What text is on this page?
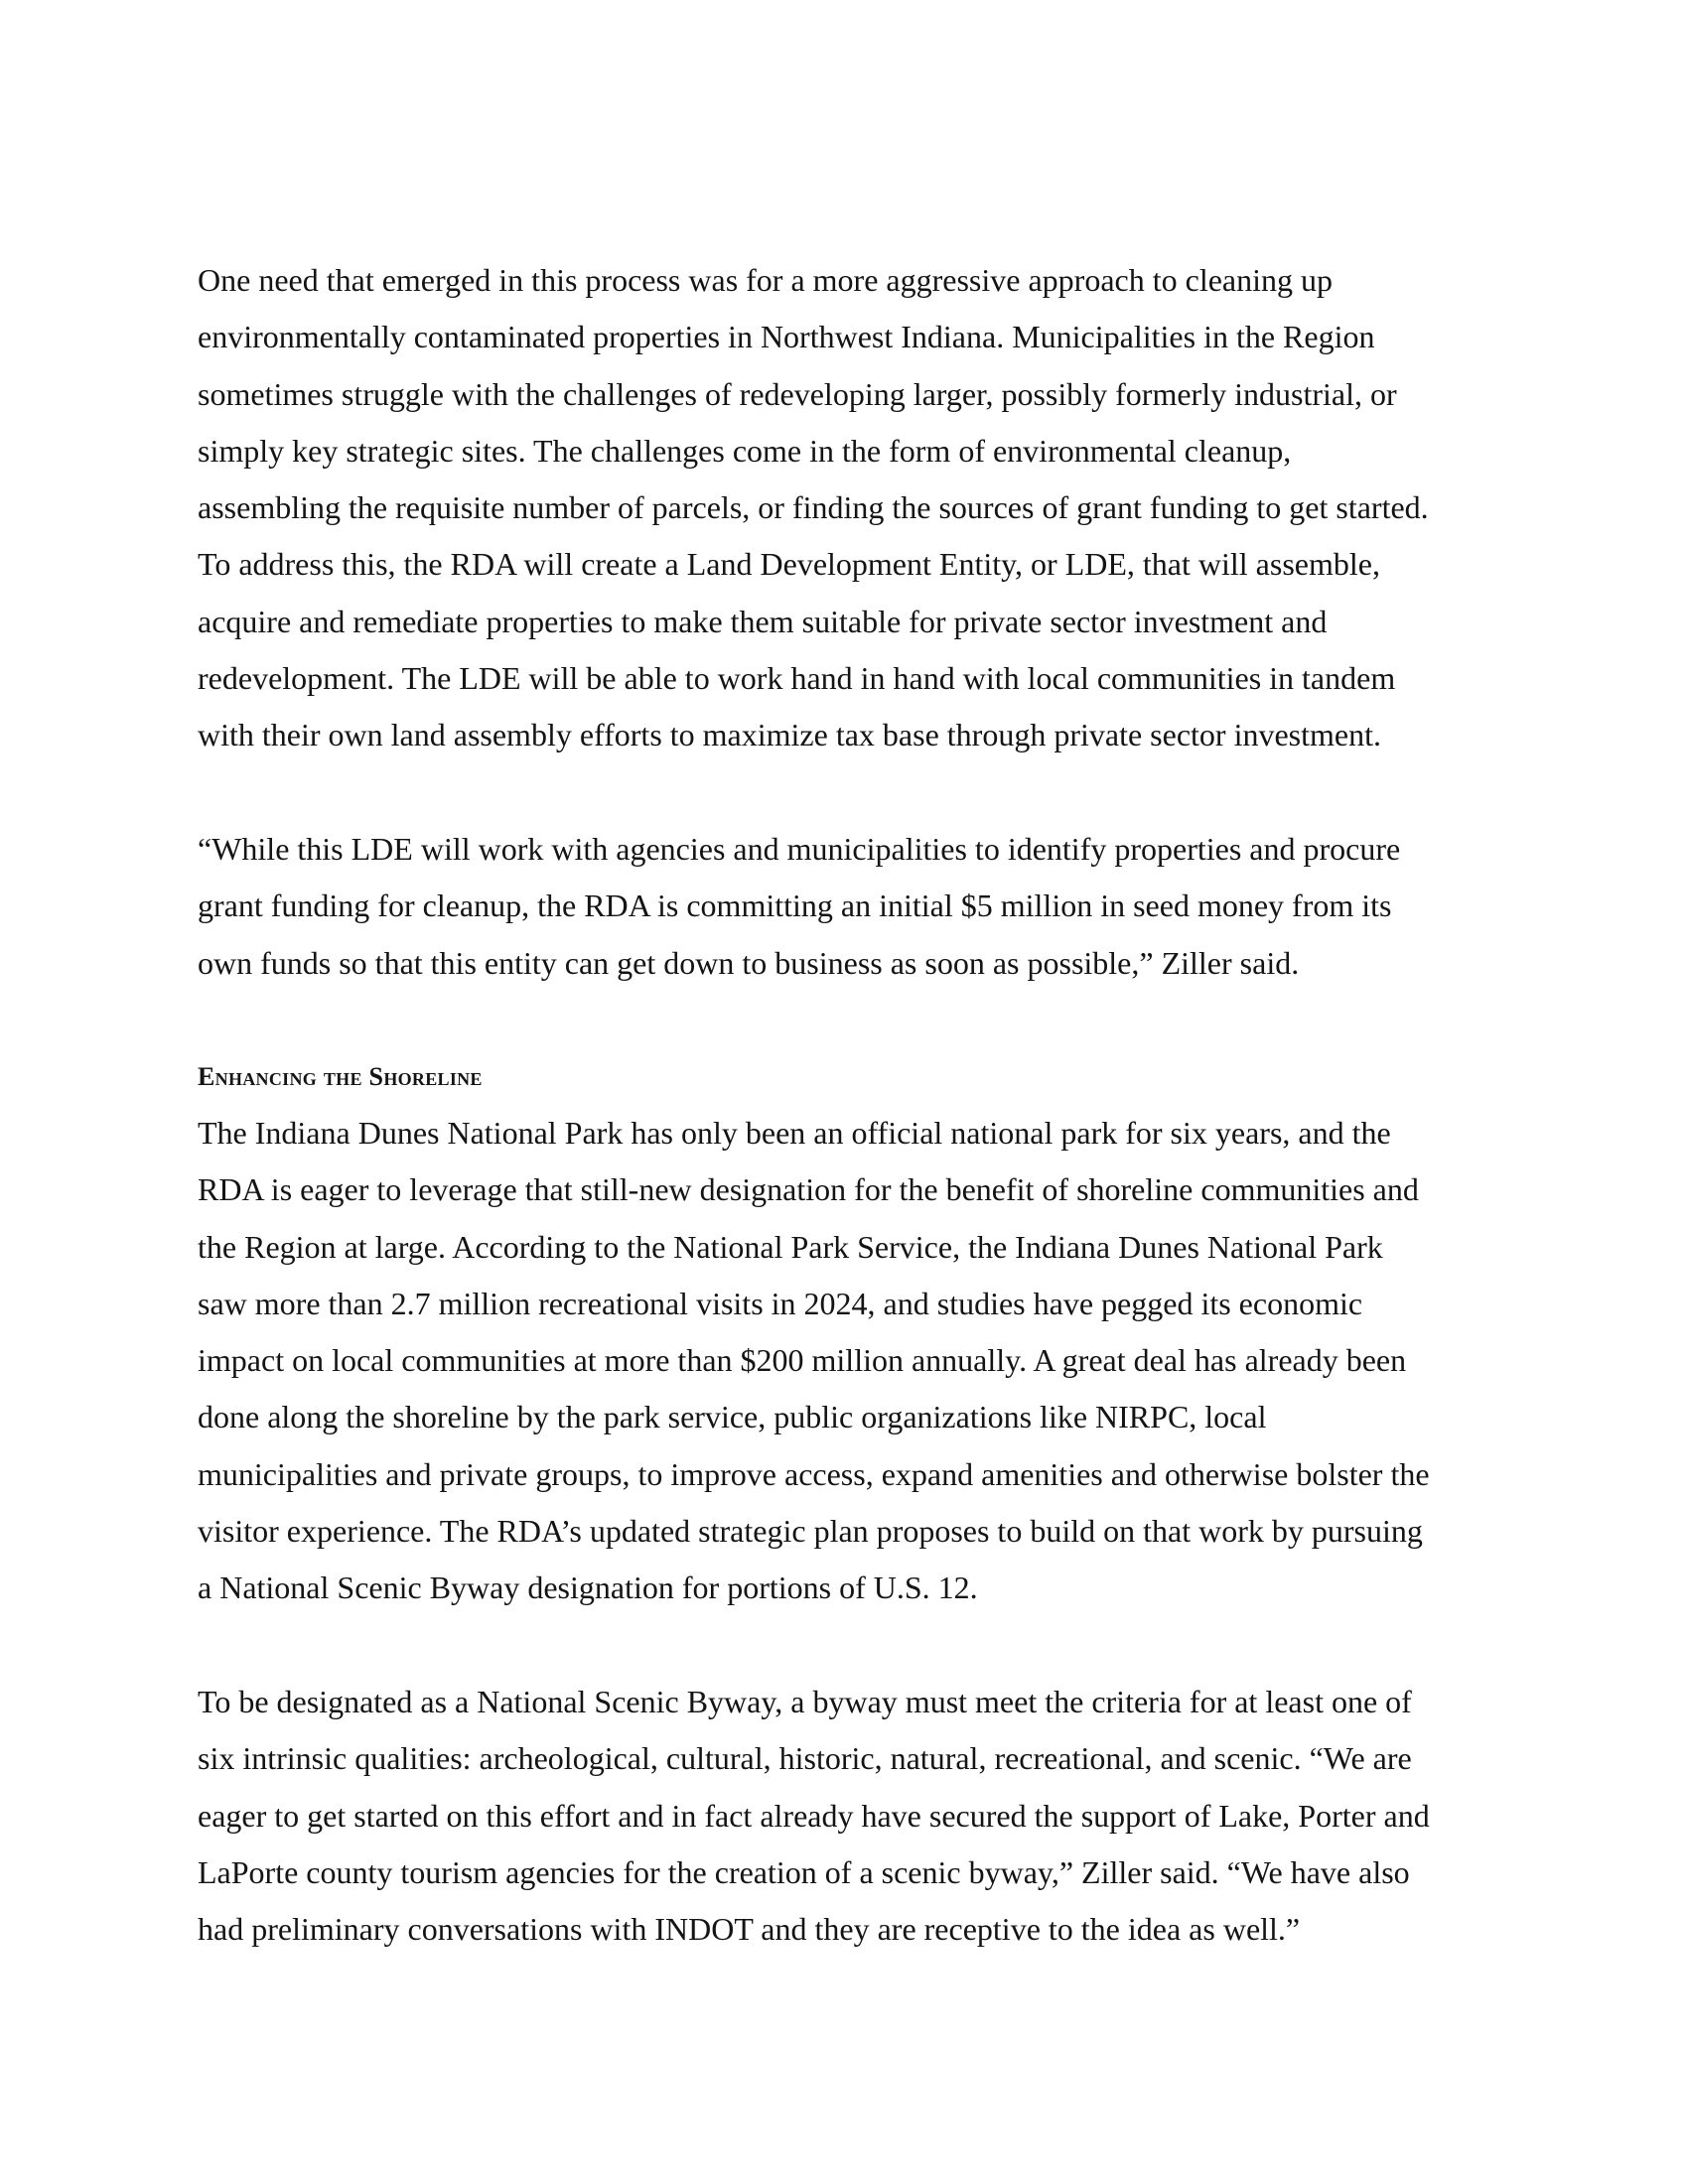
One need that emerged in this process was for a more aggressive approach to cleaning up
environmentally contaminated properties in Northwest Indiana. Municipalities in the Region
sometimes struggle with the challenges of redeveloping larger, possibly formerly industrial, or
simply key strategic sites. The challenges come in the form of environmental cleanup,
assembling the requisite number of parcels, or finding the sources of grant funding to get started.
To address this, the RDA will create a Land Development Entity, or LDE, that will assemble,
acquire and remediate properties to make them suitable for private sector investment and
redevelopment. The LDE will be able to work hand in hand with local communities in tandem
with their own land assembly efforts to maximize tax base through private sector investment.

“While this LDE will work with agencies and municipalities to identify properties and procure
grant funding for cleanup, the RDA is committing an initial $5 million in seed money from its
own funds so that this entity can get down to business as soon as possible,” Ziller said.

Enhancing the Shoreline

The Indiana Dunes National Park has only been an official national park for six years, and the
RDA is eager to leverage that still-new designation for the benefit of shoreline communities and
the Region at large. According to the National Park Service, the Indiana Dunes National Park
saw more than 2.7 million recreational visits in 2024, and studies have pegged its economic
impact on local communities at more than $200 million annually. A great deal has already been
done along the shoreline by the park service, public organizations like NIRPC, local
municipalities and private groups, to improve access, expand amenities and otherwise bolster the
visitor experience. The RDA’s updated strategic plan proposes to build on that work by pursuing
a National Scenic Byway designation for portions of U.S. 12.

To be designated as a National Scenic Byway, a byway must meet the criteria for at least one of
six intrinsic qualities: archeological, cultural, historic, natural, recreational, and scenic. “We are
eager to get started on this effort and in fact already have secured the support of Lake, Porter and
LaPorte county tourism agencies for the creation of a scenic byway,” Ziller said. “We have also
had preliminary conversations with INDOT and they are receptive to the idea as well.”
